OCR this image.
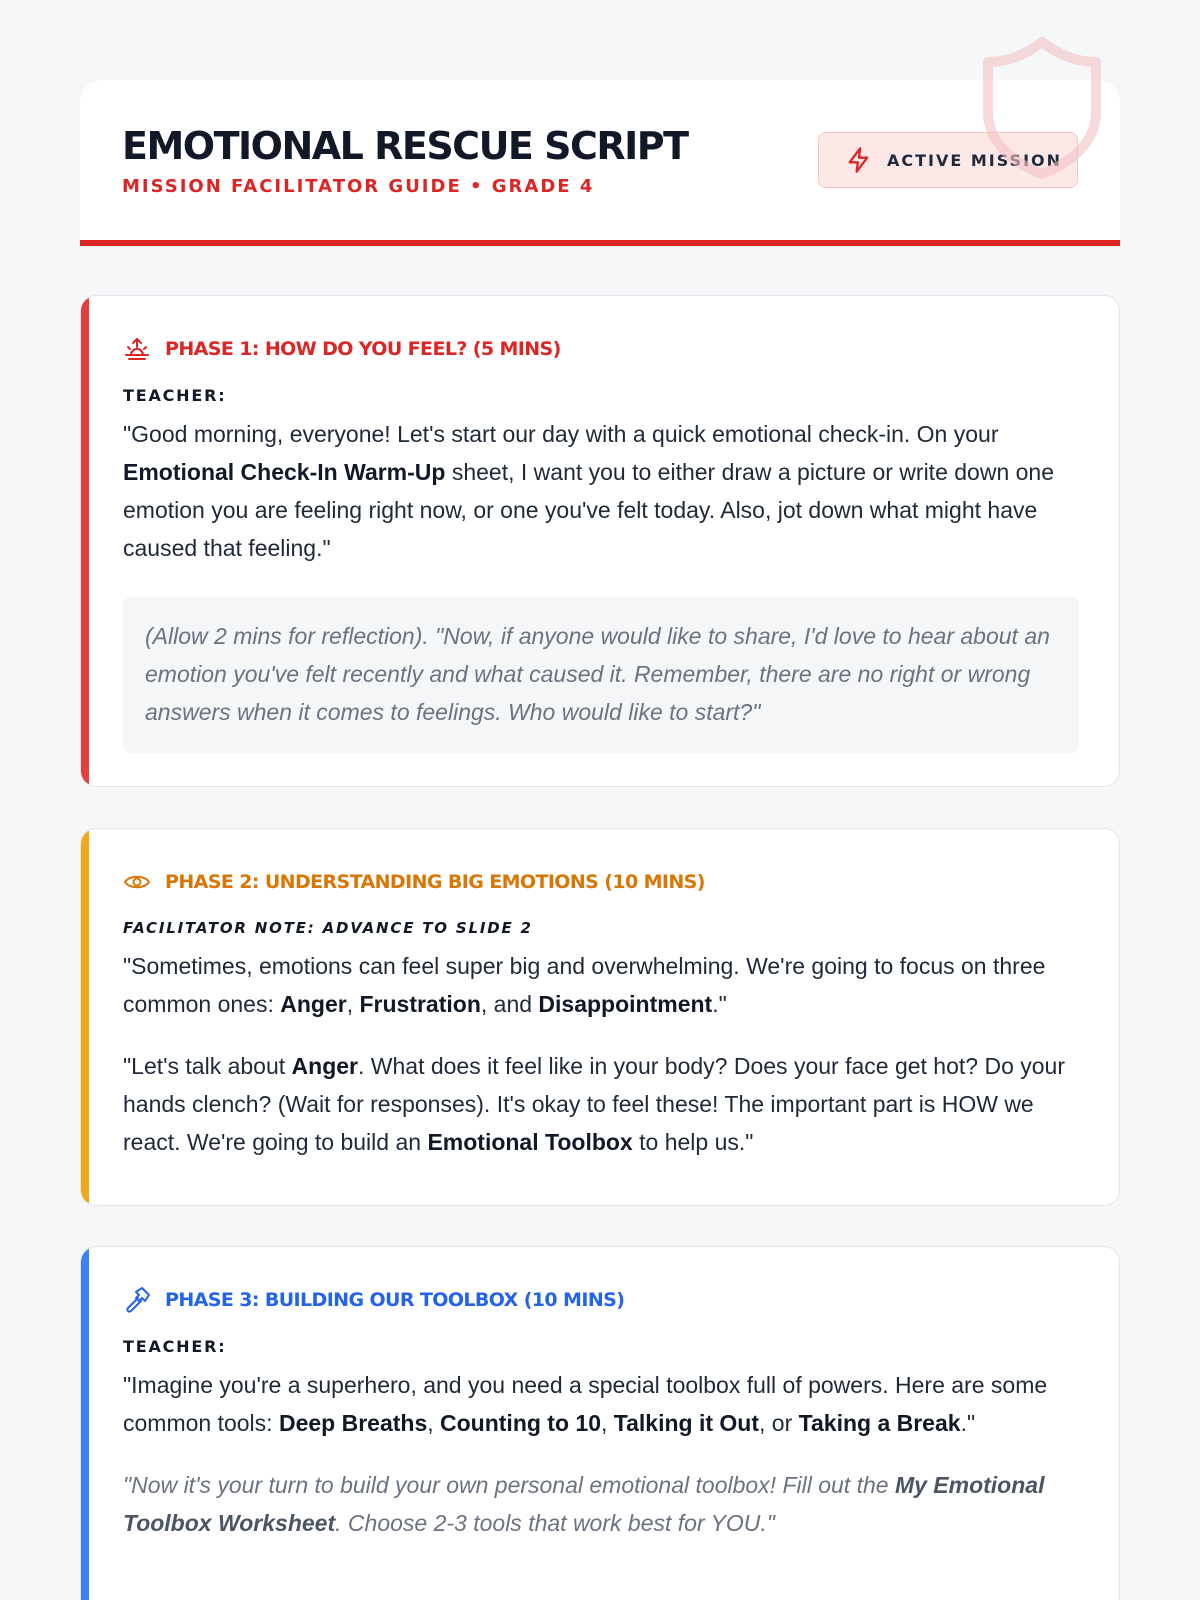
EMOTIONAL RESCUE SCRIPT
MISSION FACILITATOR GUIDE • GRADE 4
ACTIVE MISSION
PHASE 1: HOW DO YOU FEEL? (5 MINS)
TEACHER:

"Good morning, everyone! Let's start our day with a quick emotional check-in. On your Emotional Check-In Warm-Up sheet, I want you to either draw a picture or write down one emotion you are feeling right now, or one you've felt today. Also, jot down what might have caused that feeling."

(Allow 2 mins for reflection). "Now, if anyone would like to share, I'd love to hear about an emotion you've felt recently and what caused it. Remember, there are no right or wrong answers when it comes to feelings. Who would like to start?"

PHASE 2: UNDERSTANDING BIG EMOTIONS (10 MINS)
FACILITATOR NOTE: ADVANCE TO SLIDE 2

"Sometimes, emotions can feel super big and overwhelming. We're going to focus on three common ones: Anger, Frustration, and Disappointment."

"Let's talk about Anger. What does it feel like in your body? Does your face get hot? Do your hands clench? (Wait for responses). It's okay to feel these! The important part is HOW we react. We're going to build an Emotional Toolbox to help us."

PHASE 3: BUILDING OUR TOOLBOX (10 MINS)
TEACHER:

"Imagine you're a superhero, and you need a special toolbox full of powers. Here are some common tools: Deep Breaths, Counting to 10, Talking it Out, or Taking a Break."

"Now it's your turn to build your own personal emotional toolbox! Fill out the My Emotional Toolbox Worksheet. Choose 2-3 tools that work best for YOU."
